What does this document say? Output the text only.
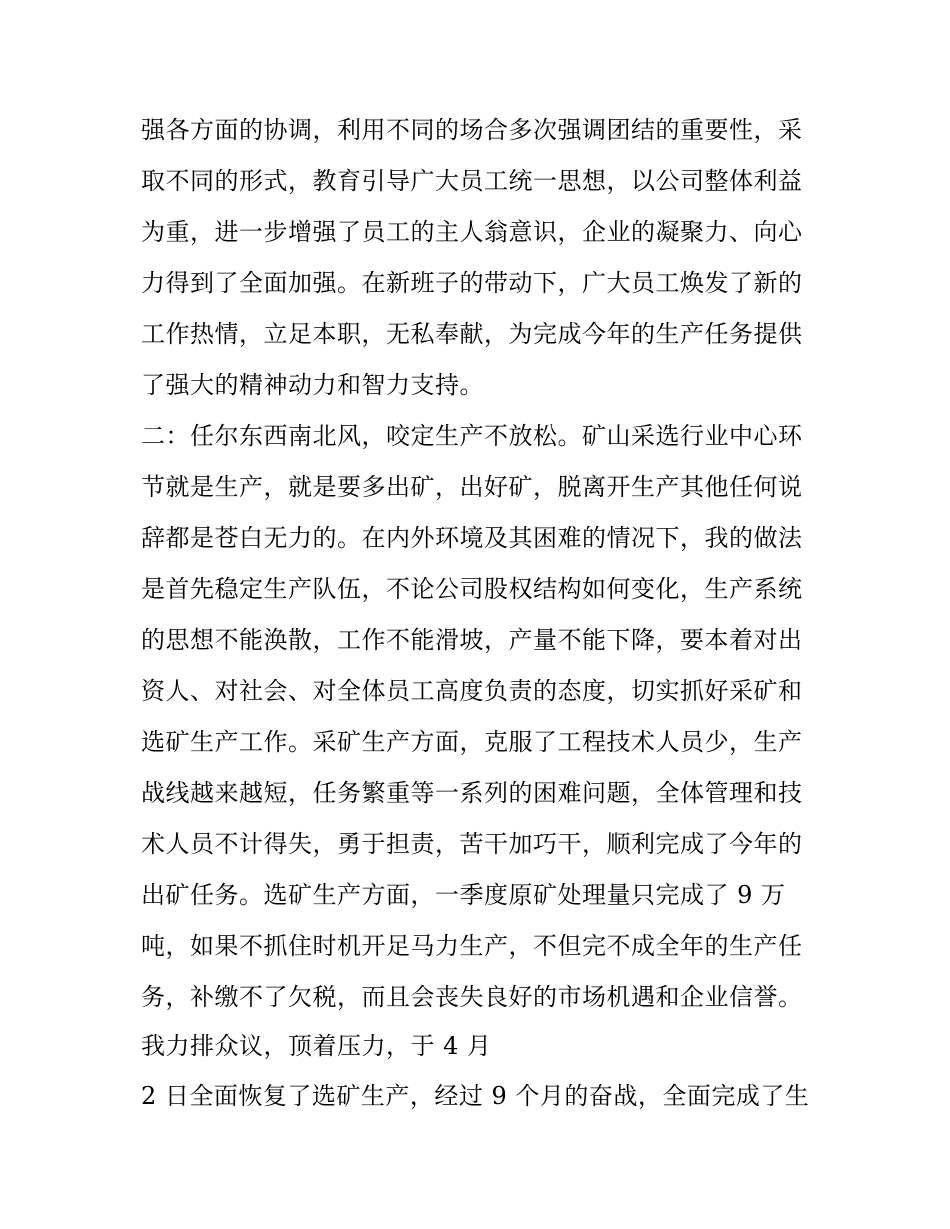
强各方面的协调，利用不同的场合多次强调团结的重要性，采
取不同的形式，教育引导广大员工统一思想，以公司整体利益
为重，进一步增强了员工的主人翁意识，企业的凝聚力、向心
力得到了全面加强。在新班子的带动下，广大员工焕发了新的
工作热情，立足本职，无私奉献，为完成今年的生产任务提供
了强大的精神动力和智力支持。
二：任尔东西南北风，咬定生产不放松。矿山采选行业中心环
节就是生产，就是要多出矿，出好矿，脱离开生产其他任何说
辞都是苍白无力的。在内外环境及其困难的情况下，我的做法
是首先稳定生产队伍，不论公司股权结构如何变化，生产系统
的思想不能涣散，工作不能滑坡，产量不能下降，要本着对出
资人、对社会、对全体员工高度负责的态度，切实抓好采矿和
选矿生产工作。采矿生产方面，克服了工程技术人员少，生产
战线越来越短，任务繁重等一系列的困难问题，全体管理和技
术人员不计得失，勇于担责，苦干加巧干，顺利完成了今年的
出矿任务。选矿生产方面，一季度原矿处理量只完成了 9 万
吨，如果不抓住时机开足马力生产，不但完不成全年的生产任
务，补缴不了欠税，而且会丧失良好的市场机遇和企业信誉。
我力排众议，顶着压力，于 4 月
2 日全面恢复了选矿生产，经过 9 个月的奋战，全面完成了生
